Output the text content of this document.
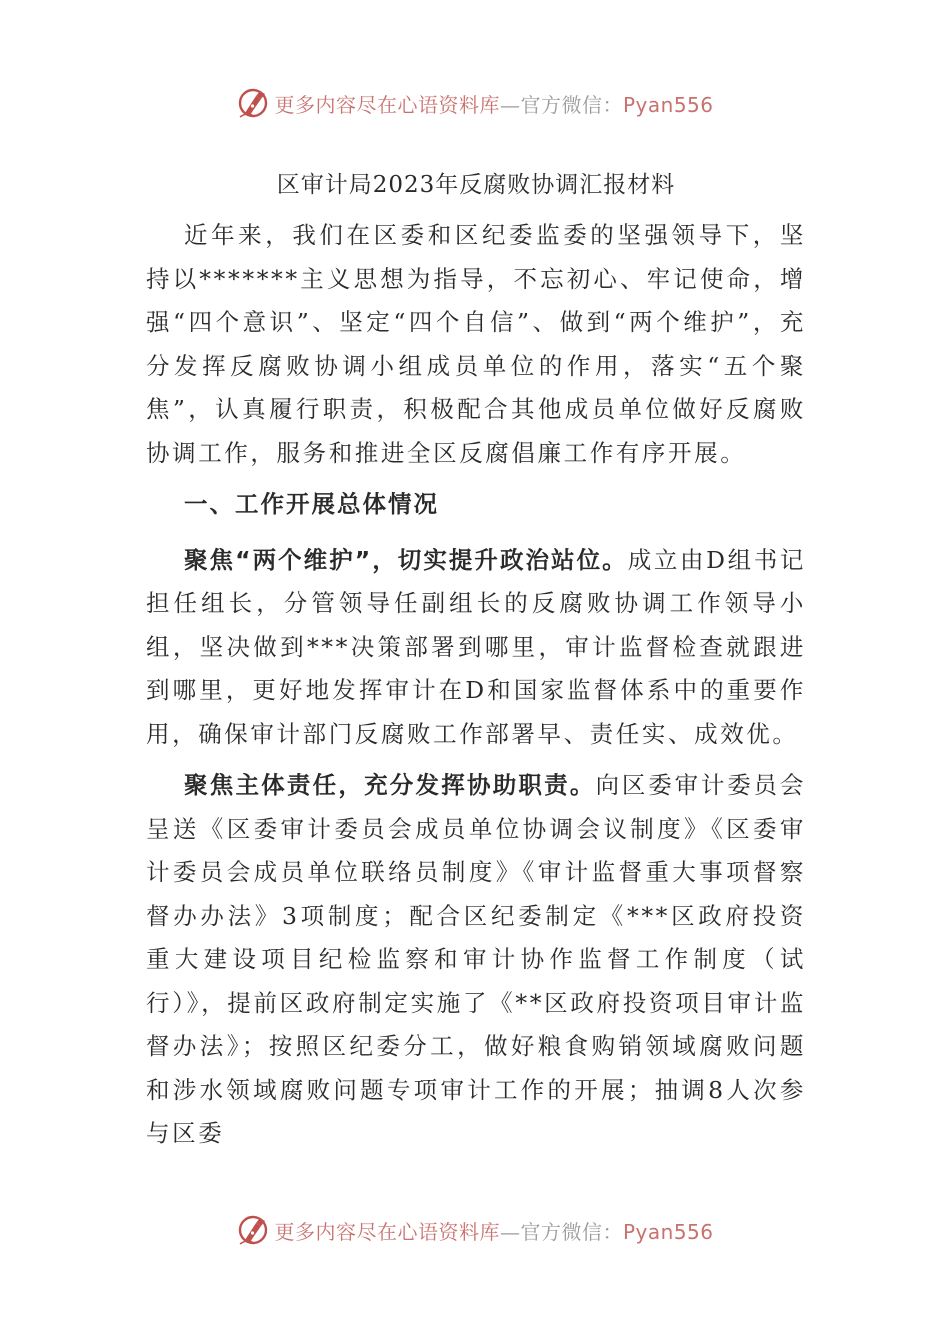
更多内容尽在心语资料库—官方微信：Pyan556
区审计局2023年反腐败协调汇报材料

近年来，我们在区委和区纪委监委的坚强领导下，坚持以*******主义思想为指导，不忘初心、牢记使命，增强“四个意识”、坚定“四个自信”、做到“两个维护”，充分发挥反腐败协调小组成员单位的作用，落实“五个聚焦”，认真履行职责，积极配合其他成员单位做好反腐败协调工作，服务和推进全区反腐倡廉工作有序开展。

一、工作开展总体情况

聚焦“两个维护”，切实提升政治站位。成立由D组书记担任组长，分管领导任副组长的反腐败协调工作领导小组，坚决做到***决策部署到哪里，审计监督检查就跟进到哪里，更好地发挥审计在D和国家监督体系中的重要作用，确保审计部门反腐败工作部署早、责任实、成效优。

聚焦主体责任，充分发挥协助职责。向区委审计委员会呈送《区委审计委员会成员单位协调会议制度》《区委审计委员会成员单位联络员制度》《审计监督重大事项督察督办办法》3项制度；配合区纪委制定《***区政府投资重大建设项目纪检监察和审计协作监督工作制度（试行）》，提前区政府制定实施了《**区政府投资项目审计监督办法》；按照区纪委分工，做好粮食购销领域腐败问题和涉水领域腐败问题专项审计工作的开展；抽调8人次参与区委

更多内容尽在心语资料库—官方微信：Pyan556
